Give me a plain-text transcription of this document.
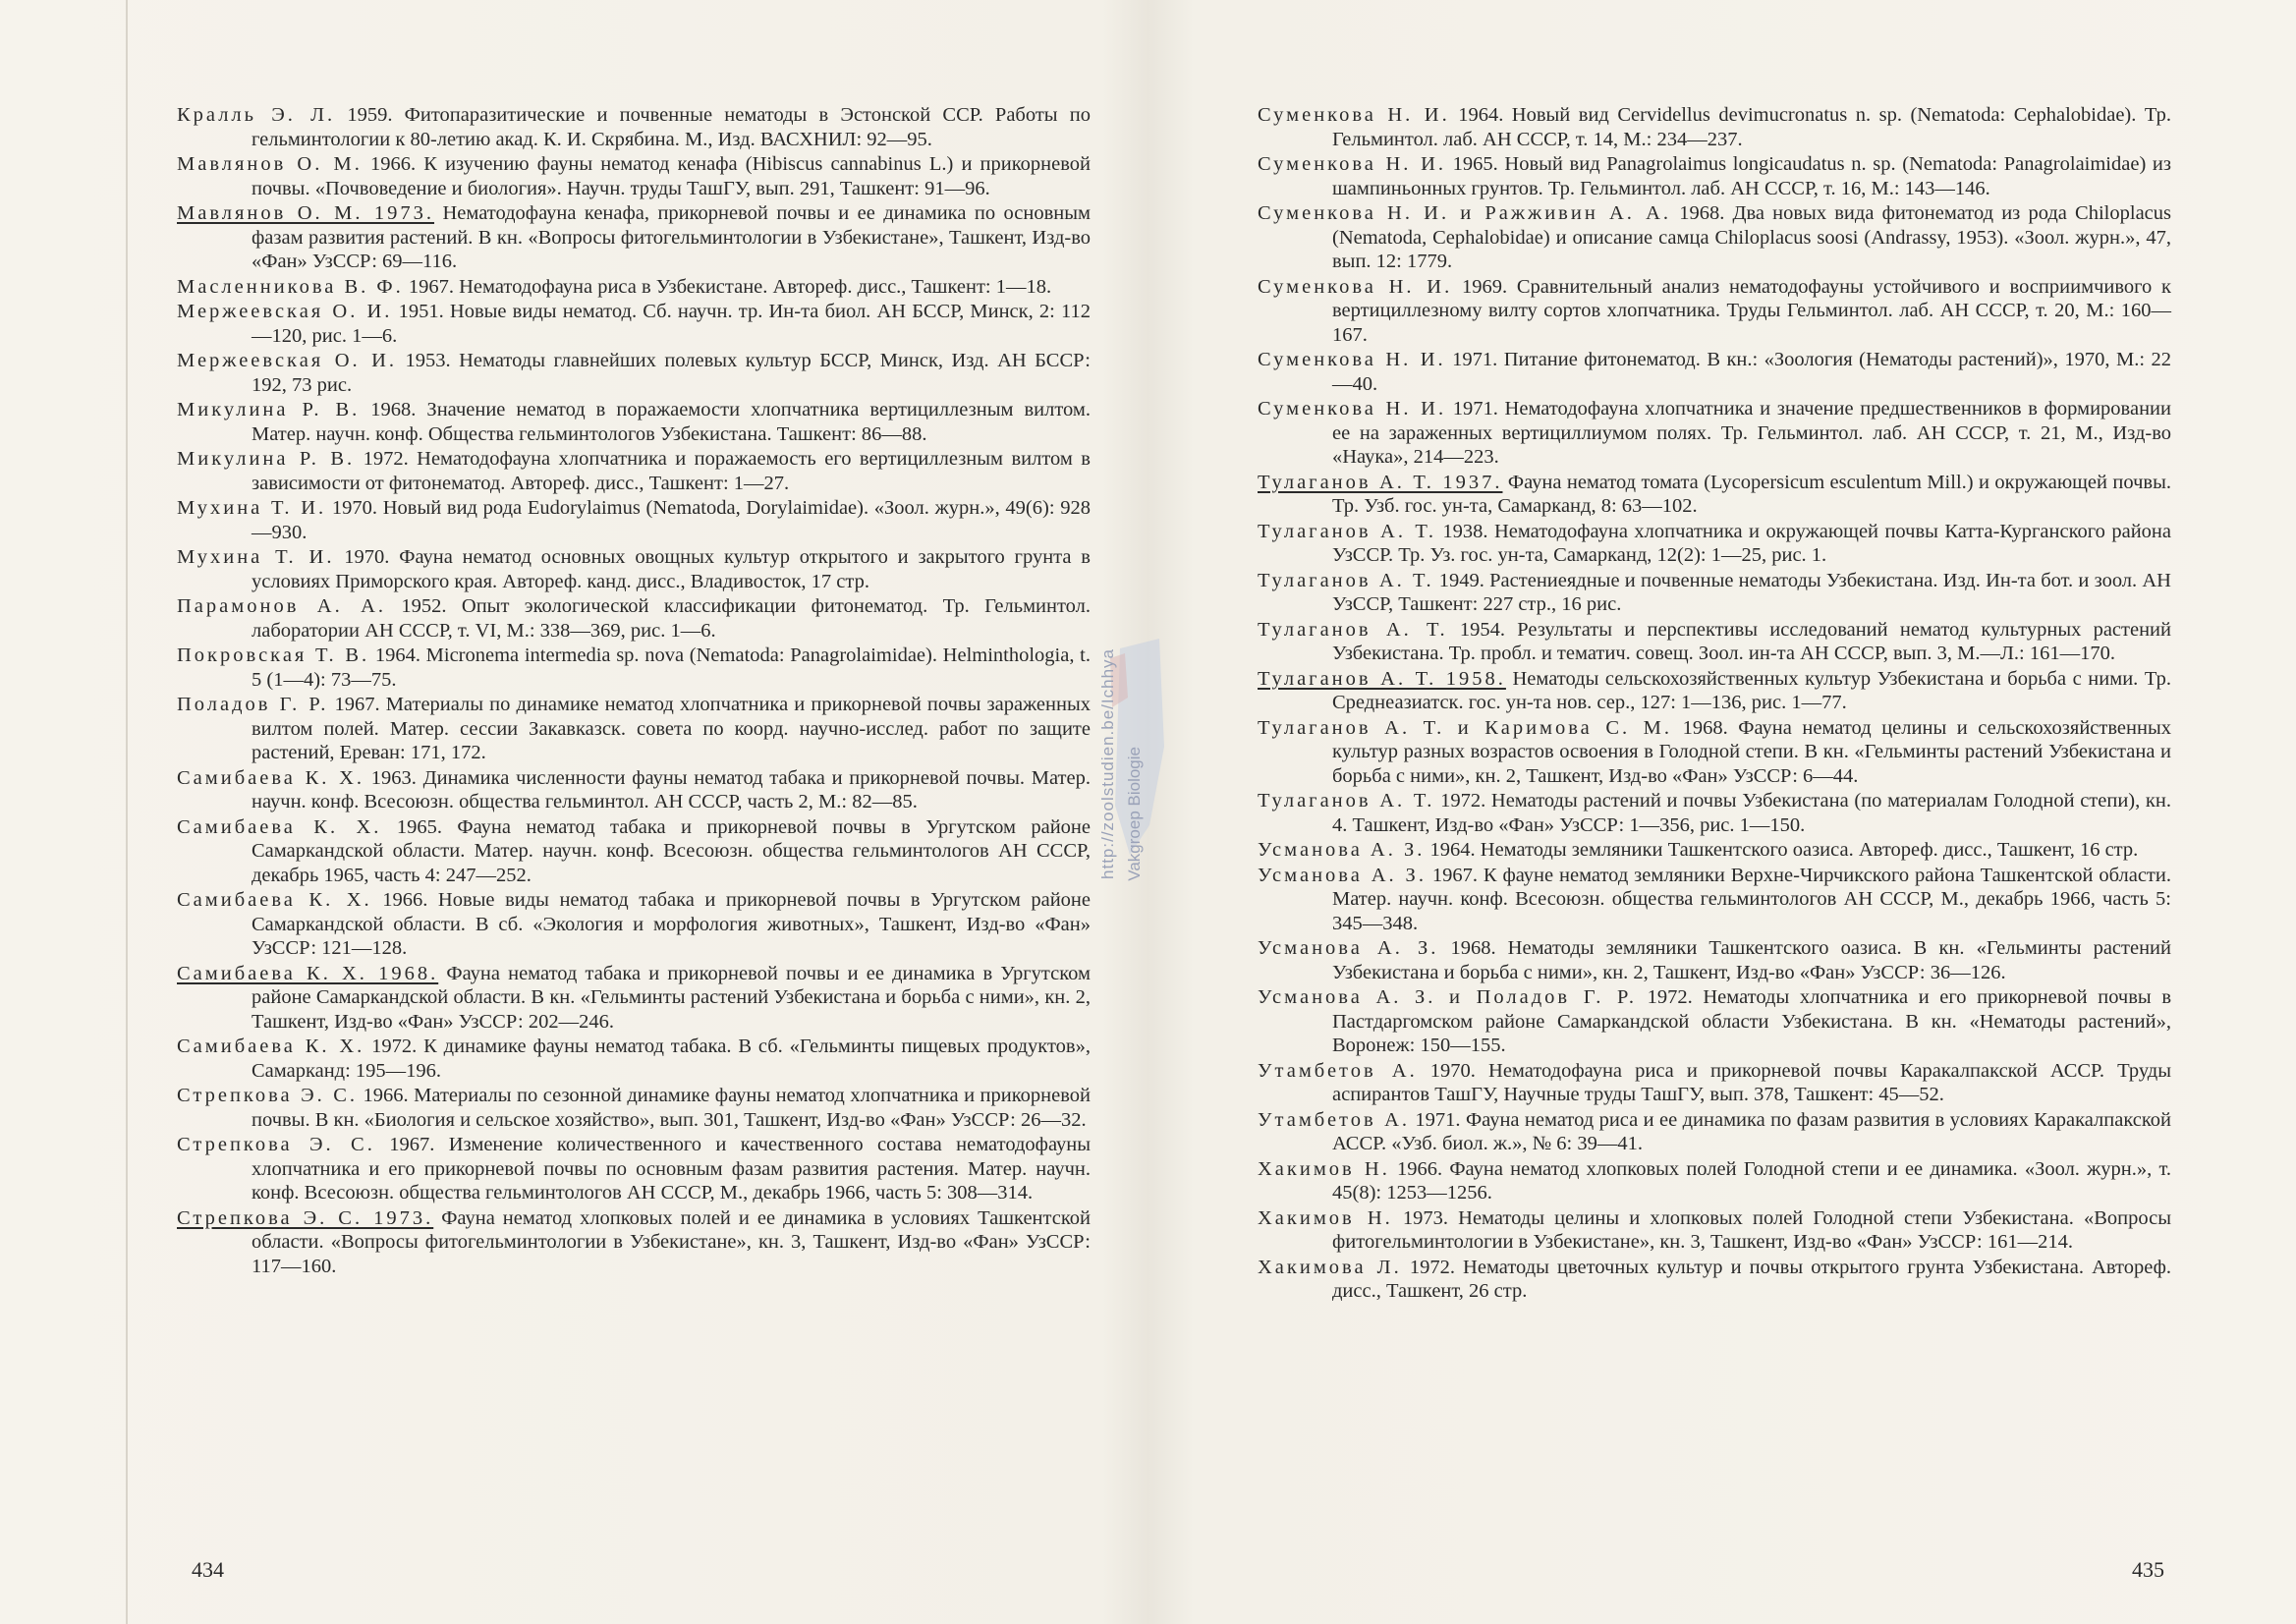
Кралль Э. Л. 1959. Фитопаразитические и почвенные нематоды в Эстонской ССР. Работы по гельминтологии к 80-летию акад. К. И. Скрябина. М., Изд. ВАСХНИЛ: 92—95.
Мавлянов О. М. 1966. К изучению фауны нематод кенафа (Hibiscus cannabinus L.) и прикорневой почвы. «Почвоведение и биология». Научн. труды ТашГУ, вып. 291, Ташкент: 91—96.
Мавлянов О. М. 1973. Нематодофауна кенафа, прикорневой почвы и ее динамика по основным фазам развития растений. В кн. «Вопросы фитогельминтологии в Узбекистане», Ташкент, Изд-во «Фан» УзССР: 69—116.
Масленникова В. Ф. 1967. Нематодофауна риса в Узбекистане. Автореф. дисс., Ташкент: 1—18.
Мержеевская О. И. 1951. Новые виды нематод. Сб. научн. тр. Ин-та биол. АН БССР, Минск, 2: 112—120, рис. 1—6.
Мержеевская О. И. 1953. Нематоды главнейших полевых культур БССР, Минск, Изд. АН БССР: 192, 73 рис.
Микулина Р. В. 1968. Значение нематод в поражаемости хлопчатника вертициллезным вилтом. Матер. научн. конф. Общества гельминтологов Узбекистана. Ташкент: 86—88.
Микулина Р. В. 1972. Нематодофауна хлопчатника и поражаемость его вертициллезным вилтом в зависимости от фитонематод. Автореф. дисс., Ташкент: 1—27.
Мухина Т. И. 1970. Новый вид рода Eudorylaimus (Nematoda, Dorylaimidae). «Зоол. журн.», 49(6): 928—930.
Мухина Т. И. 1970. Фауна нематод основных овощных культур открытого и закрытого грунта в условиях Приморского края. Автореф. канд. дисс., Владивосток, 17 стр.
Парамонов А. А. 1952. Опыт экологической классификации фитонематод. Тр. Гельминтол. лаборатории АН СССР, т. VI, М.: 338—369, рис. 1—6.
Покровская Т. В. 1964. Micronema intermedia sp. nova (Nematoda: Panagrolaimidae). Helminthologia, t. 5 (1—4): 73—75.
Поладов Г. Р. 1967. Материалы по динамике нематод хлопчатника и прикорневой почвы зараженных вилтом полей. Матер. сессии Закавказск. совета по коорд. научно-исслед. работ по защите растений, Ереван: 171, 172.
Самибаева К. Х. 1963. Динамика численности фауны нематод табака и прикорневой почвы. Матер. научн. конф. Всесоюзн. общества гельминтол. АН СССР, часть 2, М.: 82—85.
Самибаева К. Х. 1965. Фауна нематод табака и прикорневой почвы в Ургутском районе Самаркандской области. Матер. научн. конф. Всесоюзн. общества гельминтологов АН СССР, декабрь 1965, часть 4: 247—252.
Самибаева К. Х. 1966. Новые виды нематод табака и прикорневой почвы в Ургутском районе Самаркандской области. В сб. «Экология и морфология животных», Ташкент, Изд-во «Фан» УзССР: 121—128.
Самибаева К. Х. 1968. Фауна нематод табака и прикорневой почвы и ее динамика в Ургутском районе Самаркандской области. В кн. «Гельминты растений Узбекистана и борьба с ними», кн. 2, Ташкент, Изд-во «Фан» УзССР: 202—246.
Самибаева К. Х. 1972. К динамике фауны нематод табака. В сб. «Гельминты пищевых продуктов», Самарканд: 195—196.
Стрепкова Э. С. 1966. Материалы по сезонной динамике фауны нематод хлопчатника и прикорневой почвы. В кн. «Биология и сельское хозяйство», вып. 301, Ташкент, Изд-во «Фан» УзССР: 26—32.
Стрепкова Э. С. 1967. Изменение количественного и качественного состава нематодофауны хлопчатника и его прикорневой почвы по основным фазам развития растения. Матер. научн. конф. Всесоюзн. общества гельминтологов АН СССР, М., декабрь 1966, часть 5: 308—314.
Стрепкова Э. С. 1973. Фауна нематод хлопковых полей и ее динамика в условиях Ташкентской области. «Вопросы фитогельминтологии в Узбекистане», кн. 3, Ташкент, Изд-во «Фан» УзССР: 117—160.
Суменкова Н. И. 1964. Новый вид Cervidellus devimucronatus n. sp. (Nematoda: Cephalobidae). Тр. Гельминтол. лаб. АН СССР, т. 14, М.: 234—237.
Суменкова Н. И. 1965. Новый вид Panagrolaimus longicaudatus n. sp. (Nematoda: Panagrolaimidae) из шампиньонных грунтов. Тр. Гельминтол. лаб. АН СССР, т. 16, М.: 143—146.
Суменкова Н. И. и Ражживин А. А. 1968. Два новых вида фитонематод из рода Chiloplacus (Nematoda, Cephalobidae) и описание самца Chiloplacus soosi (Andrassy, 1953). «Зоол. журн.», 47, вып. 12: 1779.
Суменкова Н. И. 1969. Сравнительный анализ нематодофауны устойчивого и восприимчивого к вертициллезному вилту сортов хлопчатника. Труды Гельминтол. лаб. АН СССР, т. 20, М.: 160—167.
Суменкова Н. И. 1971. Питание фитонематод. В кн.: «Зоология (Нематоды растений)», 1970, М.: 22—40.
Суменкова Н. И. 1971. Нематодофауна хлопчатника и значение предшественников в формировании ее на зараженных вертициллиумом полях. Тр. Гельминтол. лаб. АН СССР, т. 21, М., Изд-во «Наука», 214—223.
Тулаганов А. Т. 1937. Фауна нематод томата (Lycopersicum esculentum Mill.) и окружающей почвы. Тр. Узб. гос. ун-та, Самарканд, 8: 63—102.
Тулаганов А. Т. 1938. Нематодофауна хлопчатника и окружающей почвы Катта-Курганского района УзССР. Тр. Уз. гос. ун-та, Самарканд, 12(2): 1—25, рис. 1.
Тулаганов А. Т. 1949. Растениеядные и почвенные нематоды Узбекистана. Изд. Ин-та бот. и зоол. АН УзССР, Ташкент: 227 стр., 16 рис.
Тулаганов А. Т. 1954. Результаты и перспективы исследований нематод культурных растений Узбекистана. Тр. пробл. и тематич. совещ. Зоол. ин-та АН СССР, вып. 3, М.—Л.: 161—170.
Тулаганов А. Т. 1958. Нематоды сельскохозяйственных культур Узбекистана и борьба с ними. Тр. Среднеазиатск. гос. ун-та нов. сер., 127: 1—136, рис. 1—77.
Тулаганов А. Т. и Каримова С. М. 1968. Фауна нематод целины и сельскохозяйственных культур разных возрастов освоения в Голодной степи. В кн. «Гельминты растений Узбекистана и борьба с ними», кн. 2, Ташкент, Изд-во «Фан» УзССР: 6—44.
Тулаганов А. Т. 1972. Нематоды растений и почвы Узбекистана (по материалам Голодной степи), кн. 4. Ташкент, Изд-во «Фан» УзССР: 1—356, рис. 1—150.
Усманова А. З. 1964. Нематоды земляники Ташкентского оазиса. Автореф. дисс., Ташкент, 16 стр.
Усманова А. З. 1967. К фауне нематод земляники Верхне-Чирчикского района Ташкентской области. Матер. научн. конф. Всесоюзн. общества гельминтологов АН СССР, М., декабрь 1966, часть 5: 345—348.
Усманова А. З. 1968. Нематоды земляники Ташкентского оазиса. В кн. «Гельминты растений Узбекистана и борьба с ними», кн. 2, Ташкент, Изд-во «Фан» УзССР: 36—126.
Усманова А. З. и Поладов Г. Р. 1972. Нематоды хлопчатника и его прикорневой почвы в Пастдаргомском районе Самаркандской области Узбекистана. В кн. «Нематоды растений», Воронеж: 150—155.
Утамбетов А. 1970. Нематодофауна риса и прикорневой почвы Каракалпакской АССР. Труды аспирантов ТашГУ, Научные труды ТашГУ, вып. 378, Ташкент: 45—52.
Утамбетов А. 1971. Фауна нематод риса и ее динамика по фазам развития в условиях Каракалпакской АССР. «Узб. биол. ж.», № 6: 39—41.
Хакимов Н. 1966. Фауна нематод хлопковых полей Голодной степи и ее динамика. «Зоол. журн.», т. 45(8): 1253—1256.
Хакимов Н. 1973. Нематоды целины и хлопковых полей Голодной степи Узбекистана. «Вопросы фитогельминтологии в Узбекистане», кн. 3, Ташкент, Изд-во «Фан» УзССР: 161—214.
Хакимова Л. 1972. Нематоды цветочных культур и почвы открытого грунта Узбекистана. Автореф. дисс., Ташкент, 26 стр.
434	435
http://zoolstudien.be/Ichhya Vakgroep Biologie
